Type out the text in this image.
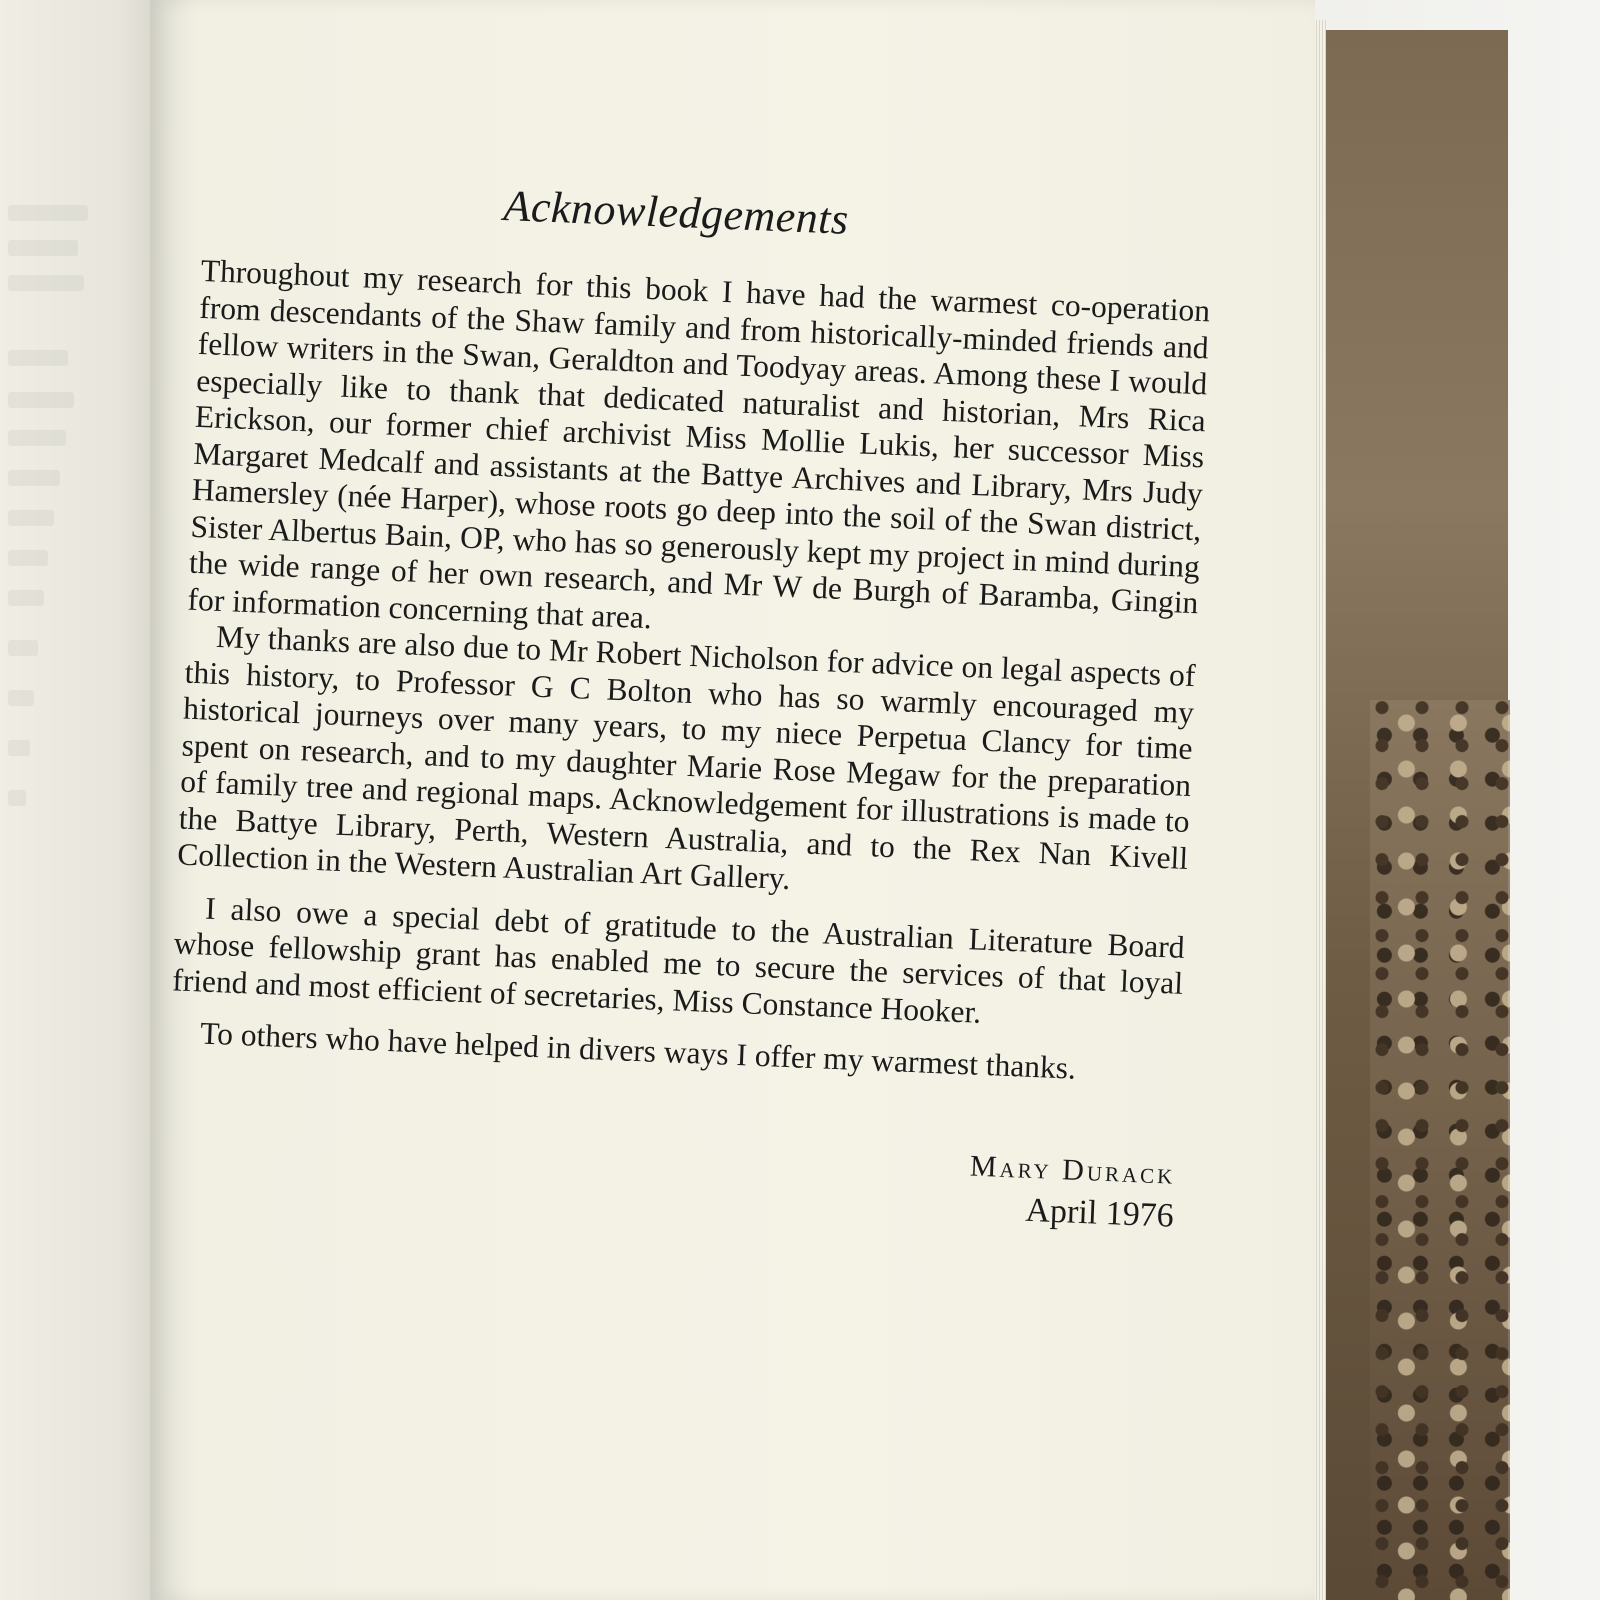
Acknowledgements

Throughout my research for this book I have had the warmest co-operation from descendants of the Shaw family and from historically-minded friends and fellow writers in the Swan, Geraldton and Toodyay areas. Among these I would especially like to thank that dedicated naturalist and historian, Mrs Rica Erickson, our former chief archivist Miss Mollie Lukis, her successor Miss Margaret Medcalf and assistants at the Battye Archives and Library, Mrs Judy Hamersley (née Harper), whose roots go deep into the soil of the Swan district, Sister Albertus Bain, OP, who has so generously kept my project in mind during the wide range of her own research, and Mr W de Burgh of Baramba, Gingin for information concerning that area.

My thanks are also due to Mr Robert Nicholson for advice on legal aspects of this history, to Professor G C Bolton who has so warmly encouraged my historical journeys over many years, to my niece Perpetua Clancy for time spent on research, and to my daughter Marie Rose Megaw for the preparation of family tree and regional maps. Acknowledgement for illustrations is made to the Battye Library, Perth, Western Australia, and to the Rex Nan Kivell Collection in the Western Australian Art Gallery.

I also owe a special debt of gratitude to the Australian Literature Board whose fellowship grant has enabled me to secure the services of that loyal friend and most efficient of secretaries, Miss Constance Hooker.

To others who have helped in divers ways I offer my warmest thanks.

Mary Durack

April 1976
